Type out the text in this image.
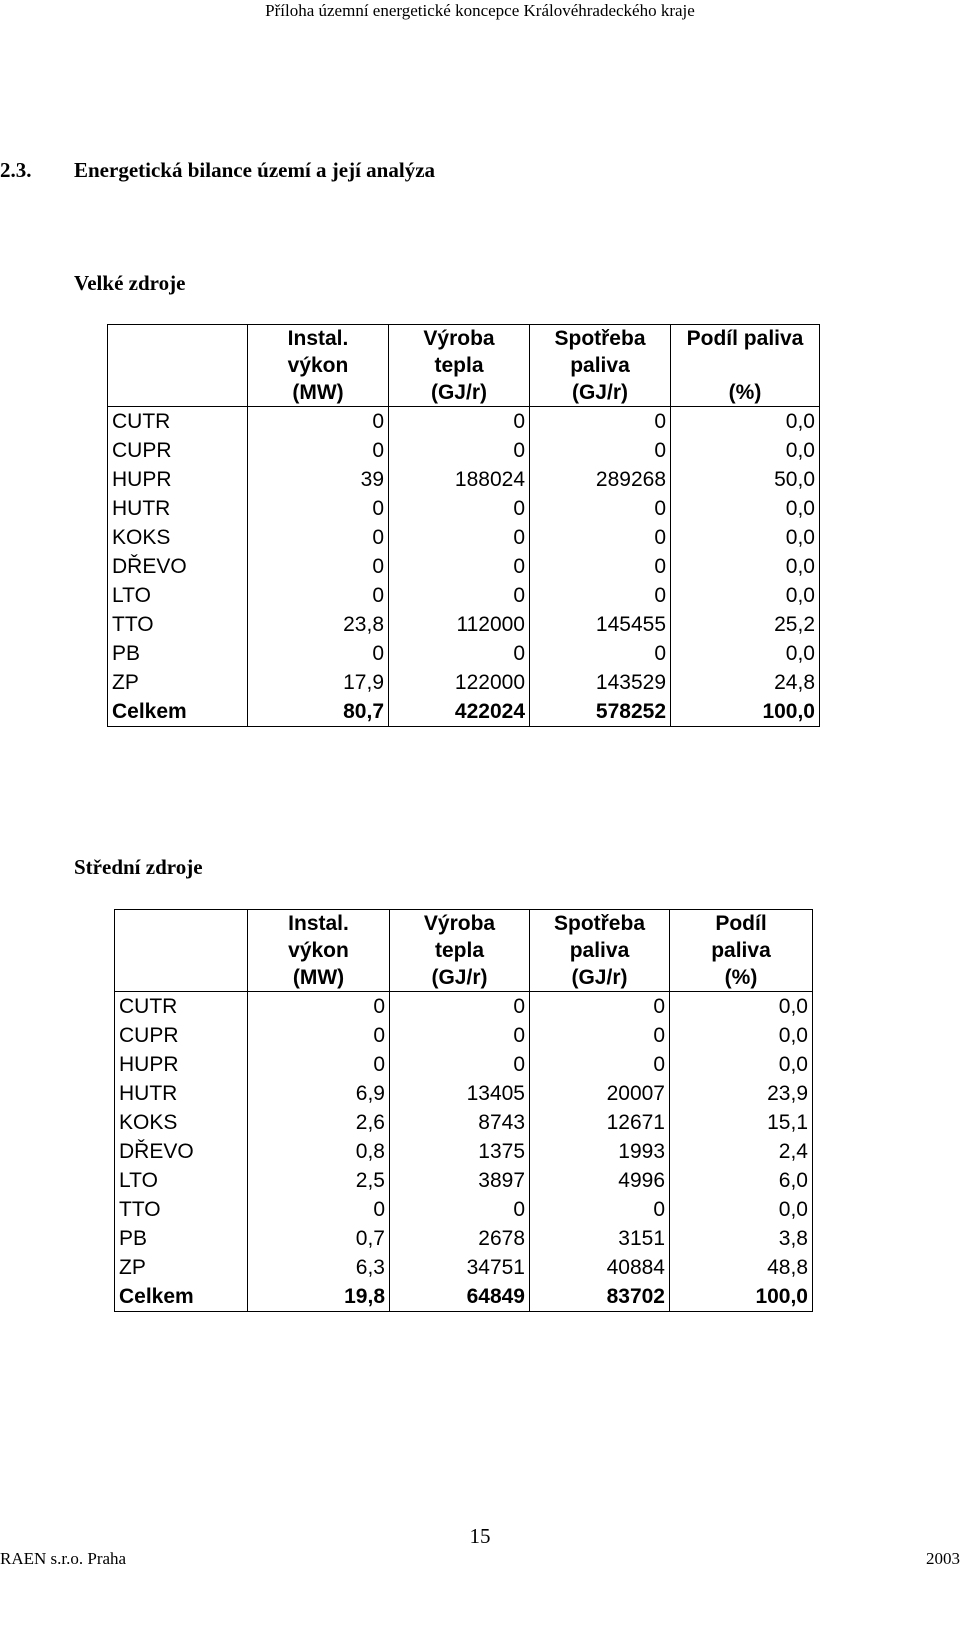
Příloha územní energetické koncepce Královéhradeckého kraje
2.3. Energetická bilance území a její analýza
Velké zdroje
	Instal.	Výroba	Spotřeba	Podíl paliva
	výkon	tepla	paliva	
	(MW)	(GJ/r)	(GJ/r)	(%)
CUTR	0	0	0	0,0
CUPR	0	0	0	0,0
HUPR	39	188024	289268	50,0
HUTR	0	0	0	0,0
KOKS	0	0	0	0,0
DŘEVO	0	0	0	0,0
LTO	0	0	0	0,0
TTO	23,8	112000	145455	25,2
PB	0	0	0	0,0
ZP	17,9	122000	143529	24,8
Celkem	80,7	422024	578252	100,0
Střední zdroje
	Instal.	Výroba	Spotřeba	Podíl
	výkon	tepla	paliva	paliva
	(MW)	(GJ/r)	(GJ/r)	(%)
CUTR	0	0	0	0,0
CUPR	0	0	0	0,0
HUPR	0	0	0	0,0
HUTR	6,9	13405	20007	23,9
KOKS	2,6	8743	12671	15,1
DŘEVO	0,8	1375	1993	2,4
LTO	2,5	3897	4996	6,0
TTO	0	0	0	0,0
PB	0,7	2678	3151	3,8
ZP	6,3	34751	40884	48,8
Celkem	19,8	64849	83702	100,0
15
RAEN s.r.o. Praha	2003
